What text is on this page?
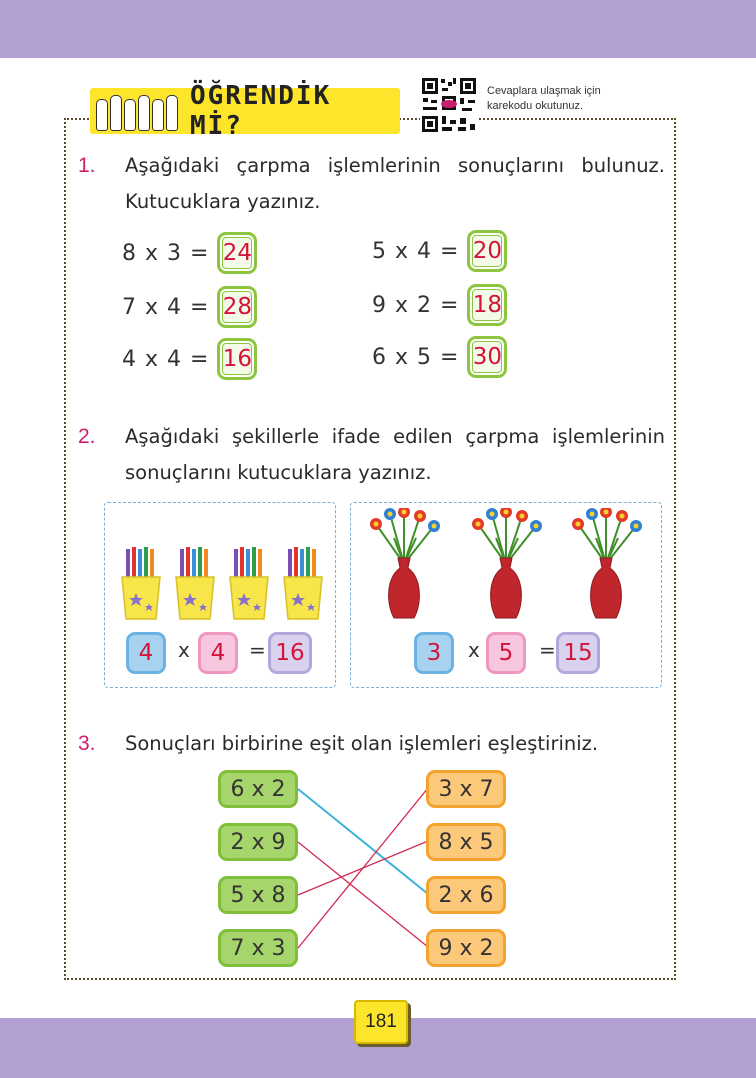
ÖĞRENDİK Mİ?
Cevaplara ulaşmak için
karekodu okutunuz.
1. Aşağıdaki çarpma işlemlerinin sonuçlarını bulunuz.
Kutucuklara yazınız.
8 x 3 = 24
7 x 4 = 28
4 x 4 = 16
5 x 4 = 20
9 x 2 = 18
6 x 5 = 30
2. Aşağıdaki şekillerle ifade edilen çarpma işlemlerinin
sonuçlarını kutucuklara yazınız.
4 x 4 = 16	3 x 5 = 15
3. Sonuçları birbirine eşit olan işlemleri eşleştiriniz.
6 x 2
2 x 9
5 x 8
7 x 3
3 x 7
8 x 5
2 x 6
9 x 2
181
